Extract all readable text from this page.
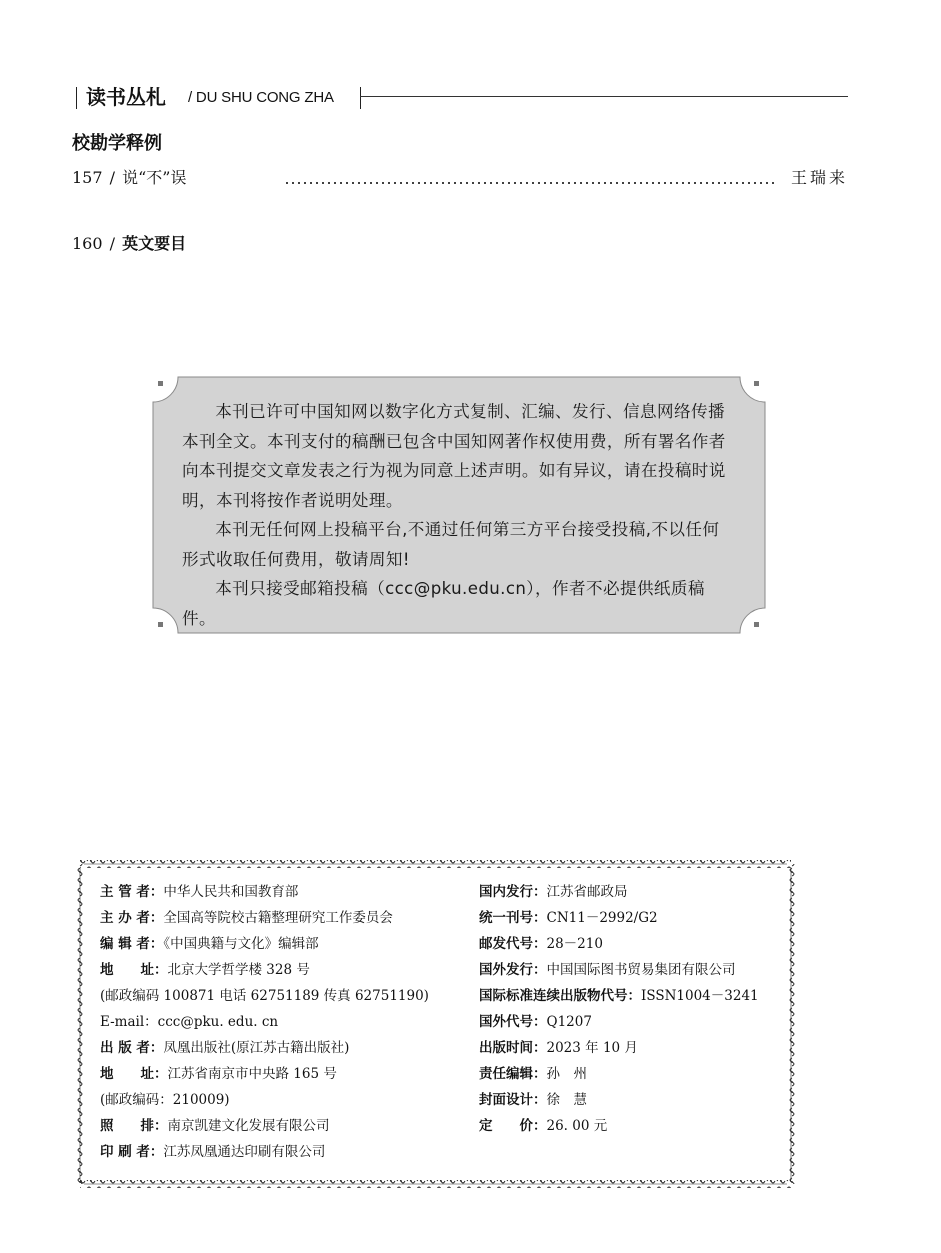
读书丛札 / DU SHU CONG ZHA
校勘学释例
157 / 说“不”误	王瑞来
160 / 英文要目

本刊已许可中国知网以数字化方式复制、汇编、发行、信息网络传播本刊全文。本刊支付的稿酬已包含中国知网著作权使用费，所有署名作者向本刊提交文章发表之行为视为同意上述声明。如有异议，请在投稿时说明，本刊将按作者说明处理。

本刊无任何网上投稿平台,不通过任何第三方平台接受投稿,不以任何形式收取任何费用，敬请周知!

本刊只接受邮箱投稿（ccc@pku.edu.cn），作者不必提供纸质稿件。

主 管 者：中华人民共和国教育部
主 办 者：全国高等院校古籍整理研究工作委员会
编 辑 者：《中国典籍与文化》编辑部
地　　址：北京大学哲学楼 328 号
(邮政编码 100871 电话 62751189 传真 62751190)
E-mail：ccc@pku. edu. cn
出 版 者：凤凰出版社(原江苏古籍出版社)
地　　址：江苏省南京市中央路 165 号
(邮政编码：210009)
照　　排：南京凯建文化发展有限公司
印 刷 者：江苏凤凰通达印刷有限公司
国内发行：江苏省邮政局
统一刊号：CN11－2992/G2
邮发代号：28－210
国外发行：中国国际图书贸易集团有限公司
国际标准连续出版物代号：ISSN1004－3241
国外代号：Q1207
出版时间：2023 年 10 月
责任编辑：孙　州
封面设计：徐　慧
定　　价：26. 00 元
